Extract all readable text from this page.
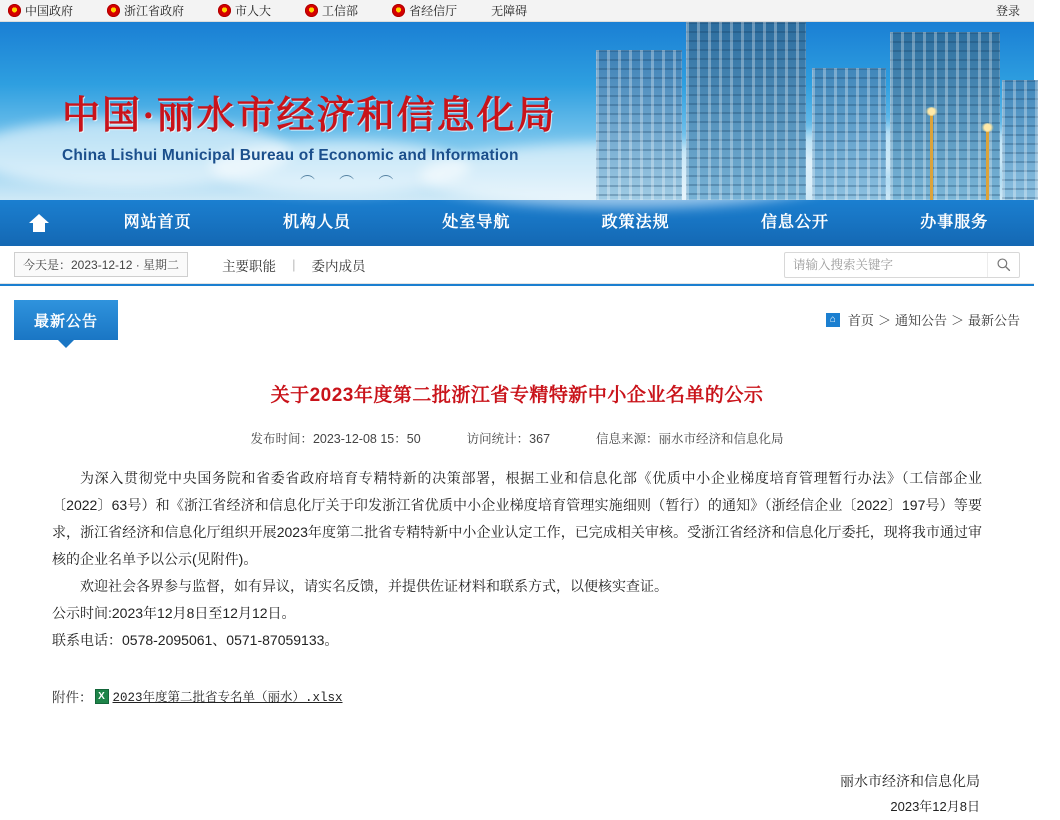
中国政府	浙江省政府	市人大	工信部	省经信厅	无障碍	登录
︵ ︵ ︵
中国·丽水市经济和信息化局
China Lishui Municipal Bureau of Economic and Information
网站首页	机构人员	处室导航	政策法规	信息公开	办事服务
今天是：2023-12-12 · 星期二	主要职能 | 委内成员
请输入搜索关键字
最新公告	⌂ 首页 ＞ 通知公告 ＞ 最新公告
关于2023年度第二批浙江省专精特新中小企业名单的公示
发布时间：2023-12-08 15：50	访问统计：367	信息来源：丽水市经济和信息化局

为深入贯彻党中央国务院和省委省政府培育专精特新的决策部署，根据工业和信息化部《优质中小企业梯度培育管理暂行办法》（工信部企业〔2022〕63号）和《浙江省经济和信息化厅关于印发浙江省优质中小企业梯度培育管理实施细则（暂行）的通知》（浙经信企业〔2022〕197号）等要求，浙江省经济和信息化厅组织开展2023年度第二批省专精特新中小企业认定工作，已完成相关审核。受浙江省经济和信息化厅委托，现将我市通过审核的企业名单予以公示(见附件)。

欢迎社会各界参与监督，如有异议，请实名反馈，并提供佐证材料和联系方式，以便核实查证。

公示时间:2023年12月8日至12月12日。

联系电话：0578-2095061、0571-87059133。

附件： X 2023年度第二批省专名单（丽水）.xlsx
丽水市经济和信息化局
2023年12月8日
